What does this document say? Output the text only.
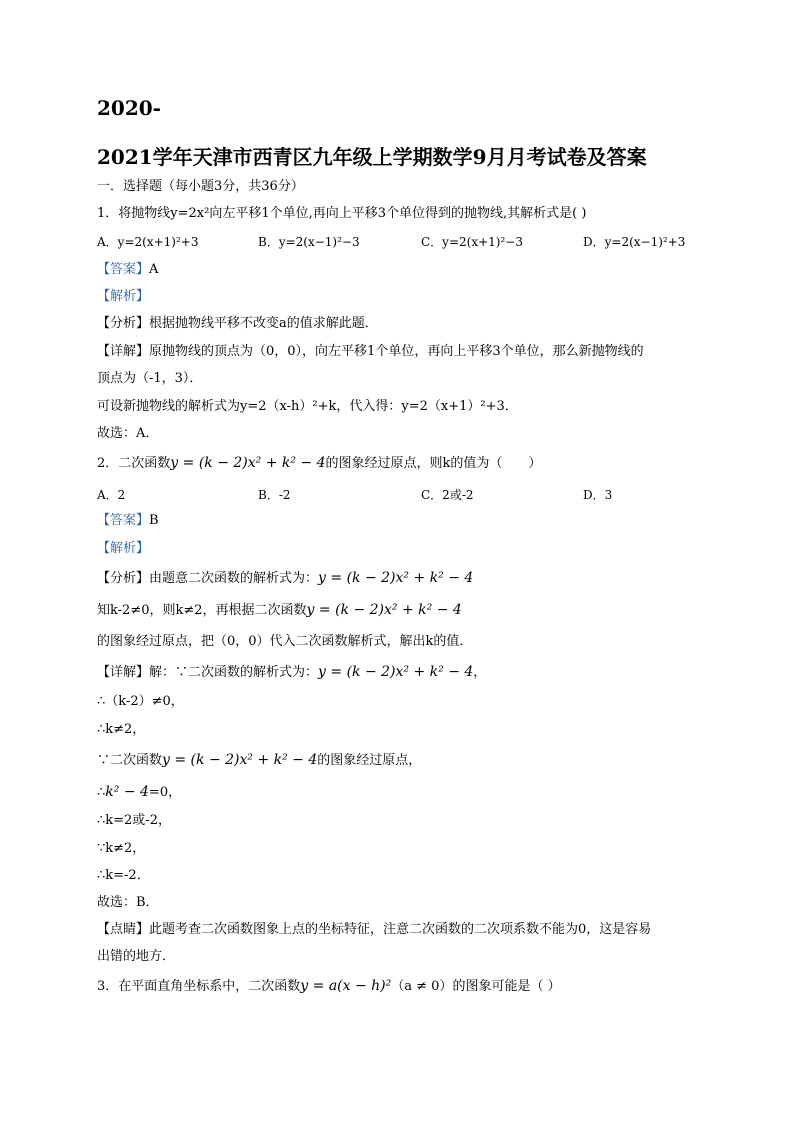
2020-
2021学年天津市西青区九年级上学期数学9月月考试卷及答案
一．选择题（每小题3分，共36分）
1．将抛物线y=2x²向左平移1个单位,再向上平移3个单位得到的抛物线,其解析式是( )
A．y=2(x+1)²+3	B．y=2(x−1)²−3	C．y=2(x+1)²−3	D．y=2(x−1)²+3
【答案】A
【解析】
【分析】根据抛物线平移不改变a的值求解此题．
【详解】原抛物线的顶点为（0，0），向左平移1个单位，再向上平移3个单位，那么新抛物线的
顶点为（-1，3）．
可设新抛物线的解析式为y=2（x-h）²+k，代入得：y=2（x+1）²+3．
故选：A．
2．二次函数y = (k − 2)x² + k² − 4的图象经过原点，则k的值为（　　）
A．2	B．-2	C．2或-2	D．3
【答案】B
【解析】
【分析】由题意二次函数的解析式为：y = (k − 2)x² + k² − 4
知k-2≠0，则k≠2，再根据二次函数y = (k − 2)x² + k² − 4
的图象经过原点，把（0，0）代入二次函数解析式，解出k的值．
【详解】解：∵二次函数的解析式为：y = (k − 2)x² + k² − 4，
∴（k-2）≠0，
∴k≠2，
∵二次函数y = (k − 2)x² + k² − 4的图象经过原点，
∴k² − 4=0，
∴k=2或-2，
∵k≠2，
∴k=-2．
故选：B．
【点睛】此题考查二次函数图象上点的坐标特征，注意二次函数的二次项系数不能为0，这是容易
出错的地方．
3．在平面直角坐标系中，二次函数y = a(x − h)²（a ≠ 0）的图象可能是（ ）
